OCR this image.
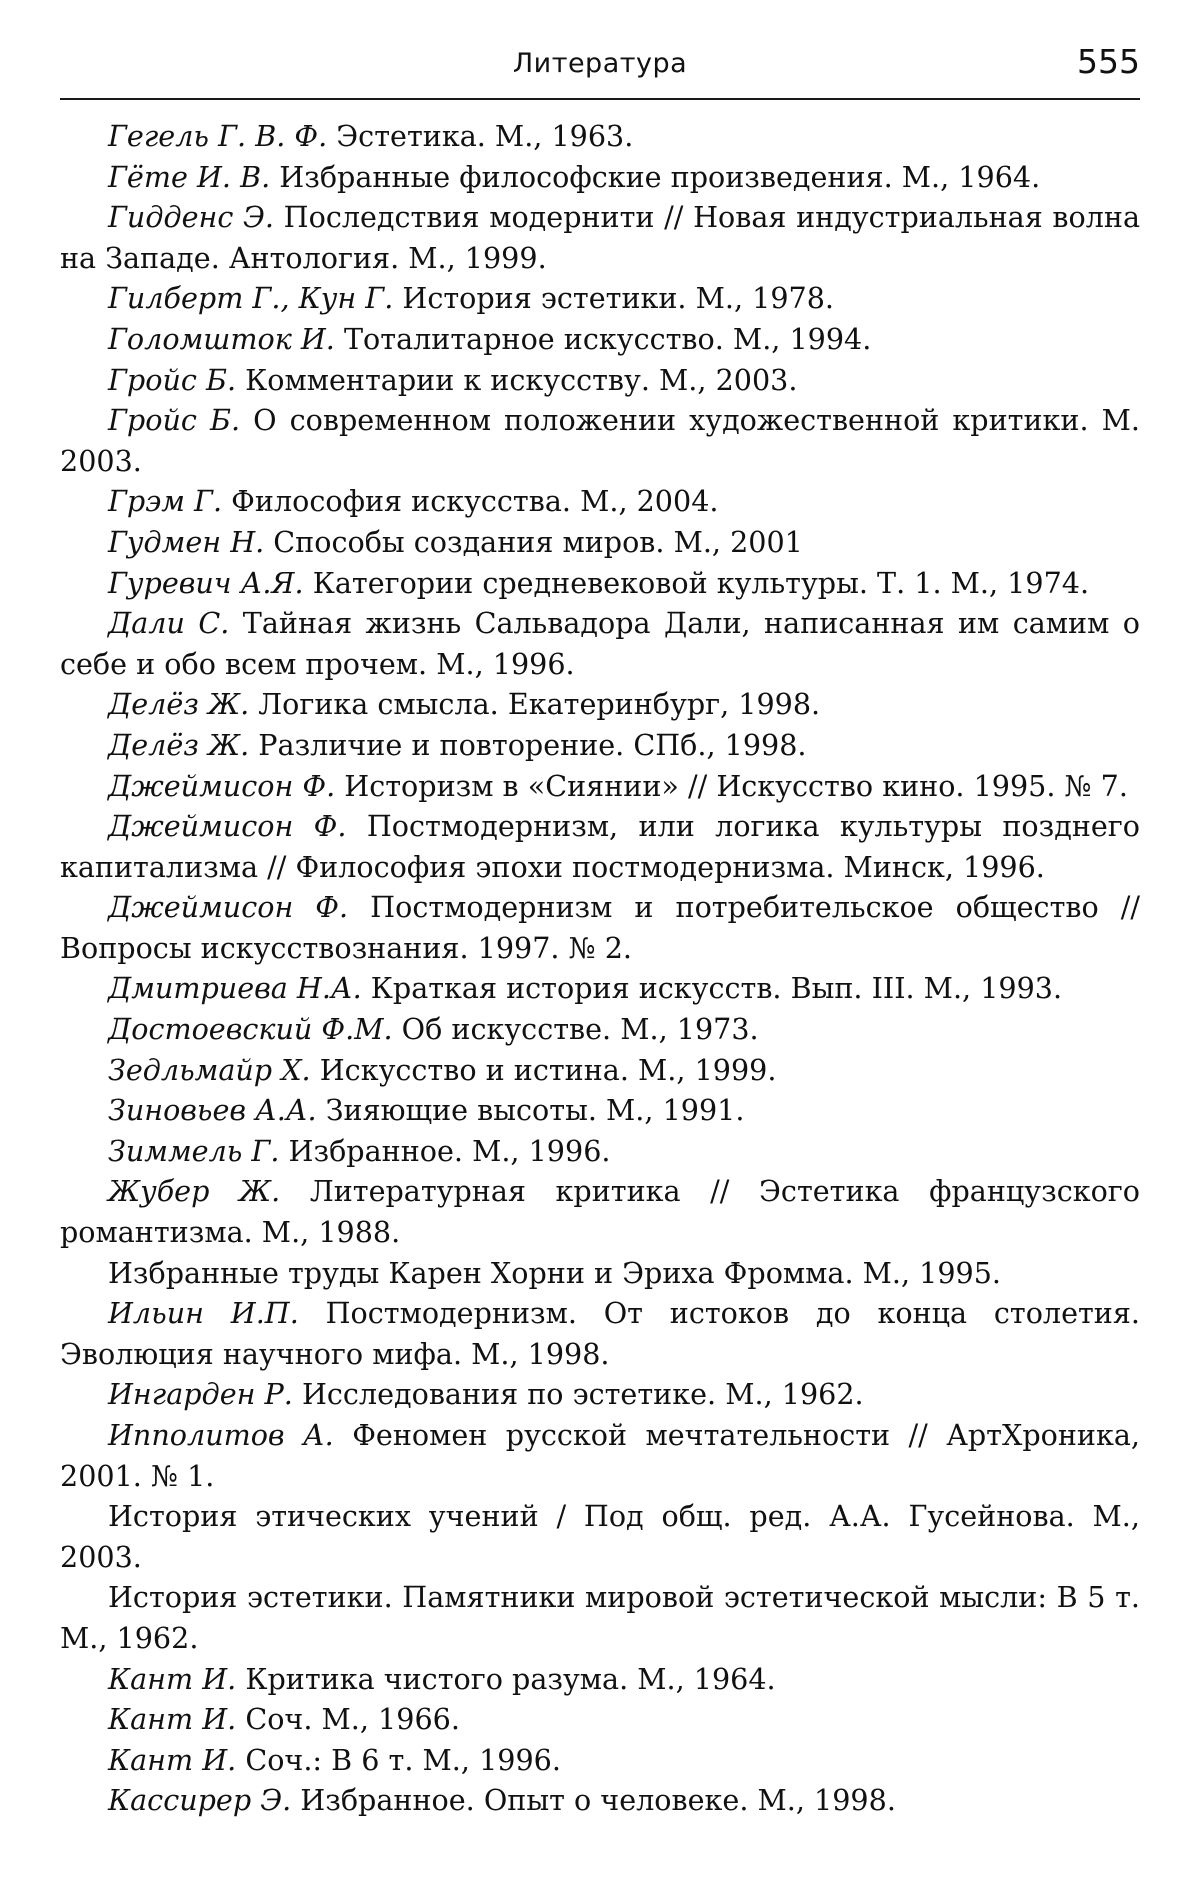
Литература	555

Гегель Г. В. Ф. Эстетика. М., 1963.

Гёте И. В. Избранные философские произведения. М., 1964.

Гидденс Э. Последствия модернити // Новая индустриальная волна на Западе. Антология. М., 1999.

Гилберт Г., Кун Г. История эстетики. М., 1978.

Голомшток И. Тоталитарное искусство. М., 1994.

Гройс Б. Комментарии к искусству. М., 2003.

Гройс Б. О современном положении художественной критики. М. 2003.

Грэм Г. Философия искусства. М., 2004.

Гудмен Н. Способы создания миров. М., 2001

Гуревич А.Я. Категории средневековой культуры. Т. 1. М., 1974.

Дали С. Тайная жизнь Сальвадора Дали, написанная им самим о себе и обо всем прочем. М., 1996.

Делёз Ж. Логика смысла. Екатеринбург, 1998.

Делёз Ж. Различие и повторение. СПб., 1998.

Джеймисон Ф. Историзм в «Сиянии» // Искусство кино. 1995. № 7.

Джеймисон Ф. Постмодернизм, или логика культуры позднего капитализма // Философия эпохи постмодернизма. Минск, 1996.

Джеймисон Ф. Постмодернизм и потребительское общество // Вопросы искусствознания. 1997. № 2.

Дмитриева Н.А. Краткая история искусств. Вып. III. М., 1993.

Достоевский Ф.М. Об искусстве. М., 1973.

Зедльмайр Х. Искусство и истина. М., 1999.

Зиновьев А.А. Зияющие высоты. М., 1991.

Зиммель Г. Избранное. М., 1996.

Жубер Ж. Литературная критика // Эстетика французского романтизма. М., 1988.

Избранные труды Карен Хорни и Эриха Фромма. М., 1995.

Ильин И.П. Постмодернизм. От истоков до конца столетия. Эволюция научного мифа. М., 1998.

Ингарден Р. Исследования по эстетике. М., 1962.

Ипполитов А. Феномен русской мечтательности // АртХроника, 2001. № 1.

История этических учений / Под общ. ред. А.А. Гусейнова. М., 2003.

История эстетики. Памятники мировой эстетической мысли: В 5 т. М., 1962.

Кант И. Критика чистого разума. М., 1964.

Кант И. Соч. М., 1966.

Кант И. Соч.: В 6 т. М., 1996.

Кассирер Э. Избранное. Опыт о человеке. М., 1998.
